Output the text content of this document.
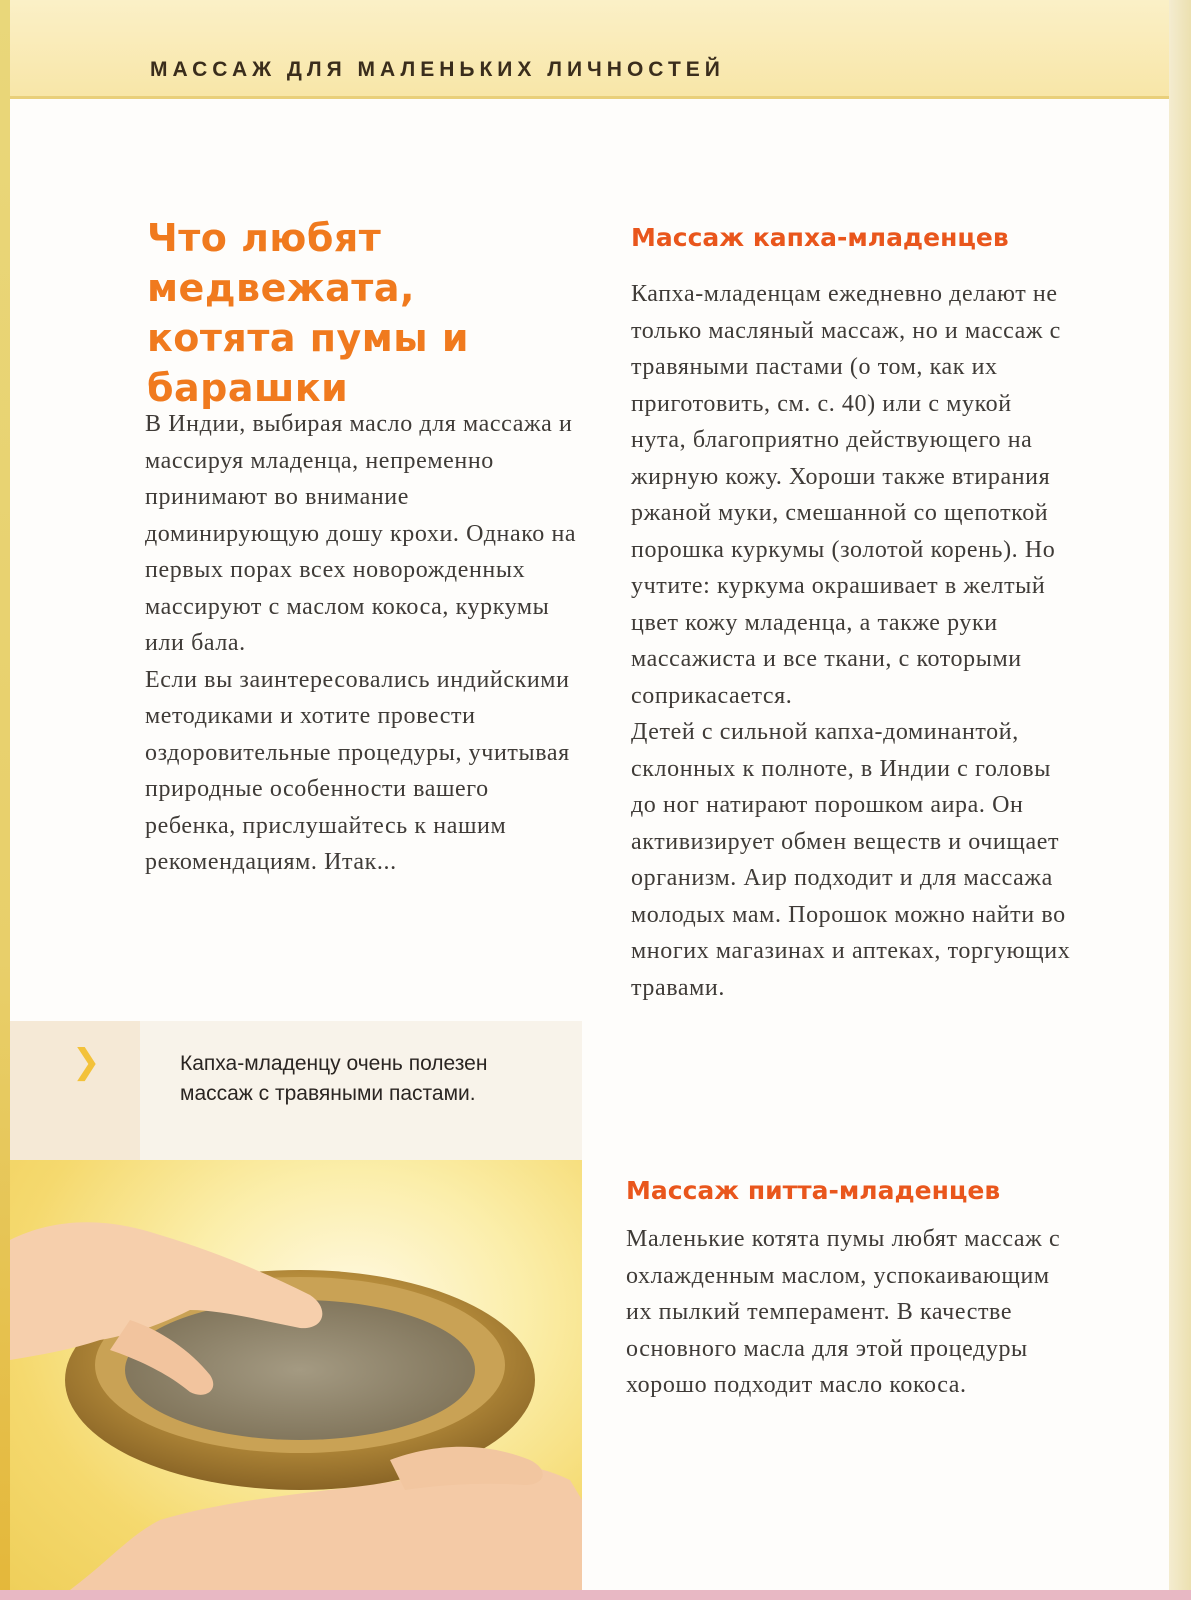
МАССАЖ ДЛЯ МАЛЕНЬКИХ ЛИЧНОСТЕЙ
Что любят медвежата, котята пумы и барашки

В Индии, выбирая масло для массажа и массируя младенца, непременно принимают во внимание доминирующую дошу крохи. Однако на первых порах всех новорожденных массируют с маслом кокоса, куркумы или бала.

Если вы заинтересовались индийскими методиками и хотите провести оздоровительные процедуры, учитывая природные особенности вашего ребенка, прислушайтесь к нашим рекомендациям. Итак...

❯	Капха-младенцу очень полезен массаж с травяными пастами.

Массаж капха-младенцев

Капха-младенцам ежедневно делают не только масляный массаж, но и массаж с травяными пастами (о том, как их приготовить, см. с. 40) или с мукой нута, благоприятно действующего на жирную кожу. Хороши также втирания ржаной муки, смешанной со щепоткой порошка куркумы (золотой корень). Но учтите: куркума окрашивает в желтый цвет кожу младенца, а также руки массажиста и все ткани, с которыми соприкасается.

Детей с сильной капха-доминантой, склонных к полноте, в Индии с головы до ног натирают порошком аира. Он активизирует обмен веществ и очищает организм. Аир подходит и для массажа молодых мам. Порошок можно найти во многих магазинах и аптеках, торгующих травами.

Массаж питта-младенцев

Маленькие котята пумы любят массаж с охлажденным маслом, успокаивающим их пылкий темперамент. В качестве основного масла для этой процедуры хорошо подходит масло кокоса.
